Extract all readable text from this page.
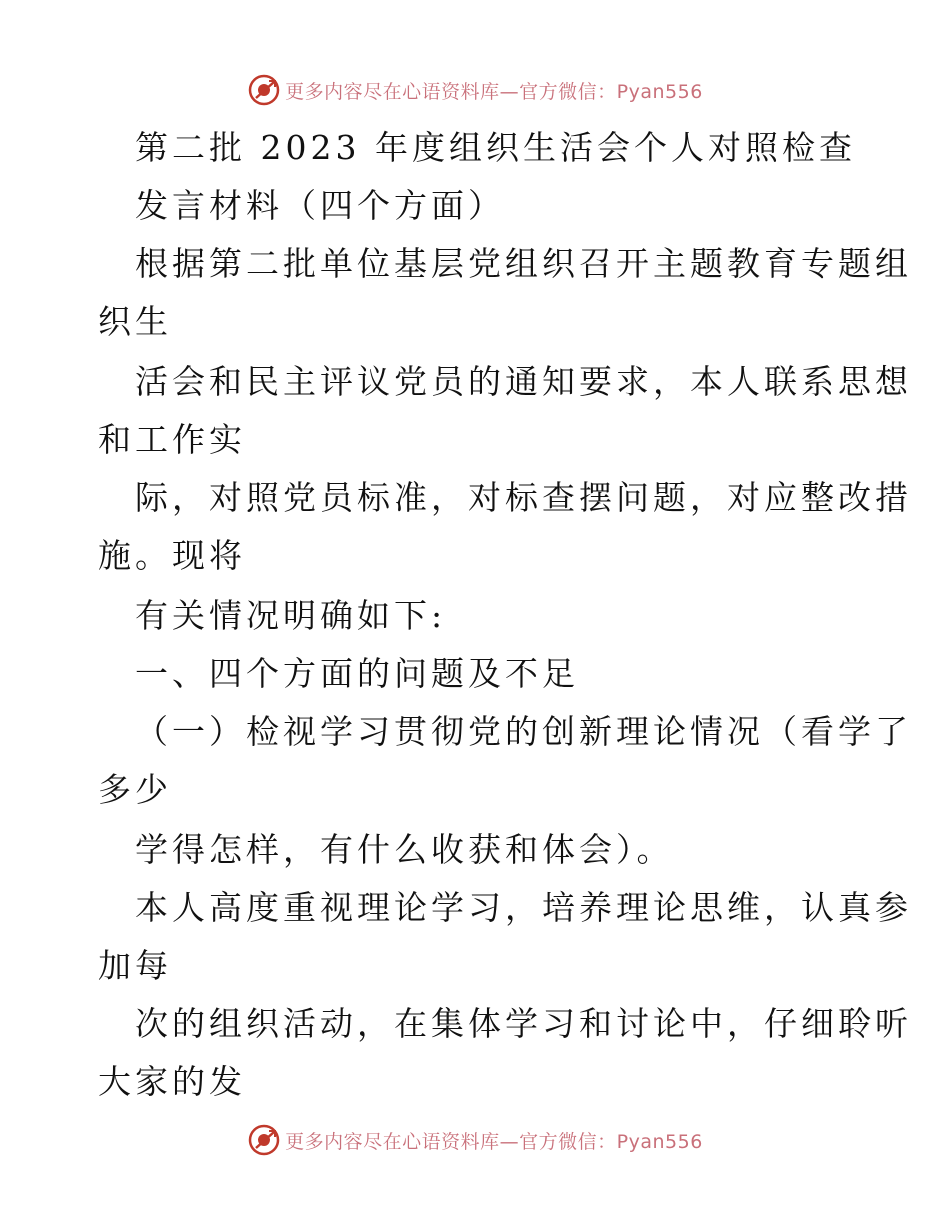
更多内容尽在心语资料库—官方微信：Pyan556
第二批 2023 年度组织生活会个人对照检查
发言材料（四个方面）
根据第二批单位基层党组织召开主题教育专题组
织生
活会和民主评议党员的通知要求，本人联系思想
和工作实
际，对照党员标准，对标查摆问题，对应整改措
施。现将
有关情况明确如下:
一、四个方面的问题及不足
（一）检视学习贯彻党的创新理论情况（看学了
多少
学得怎样，有什么收获和体会）。
本人高度重视理论学习，培养理论思维，认真参
加每
次的组织活动，在集体学习和讨论中，仔细聆听
大家的发
更多内容尽在心语资料库—官方微信：Pyan556
